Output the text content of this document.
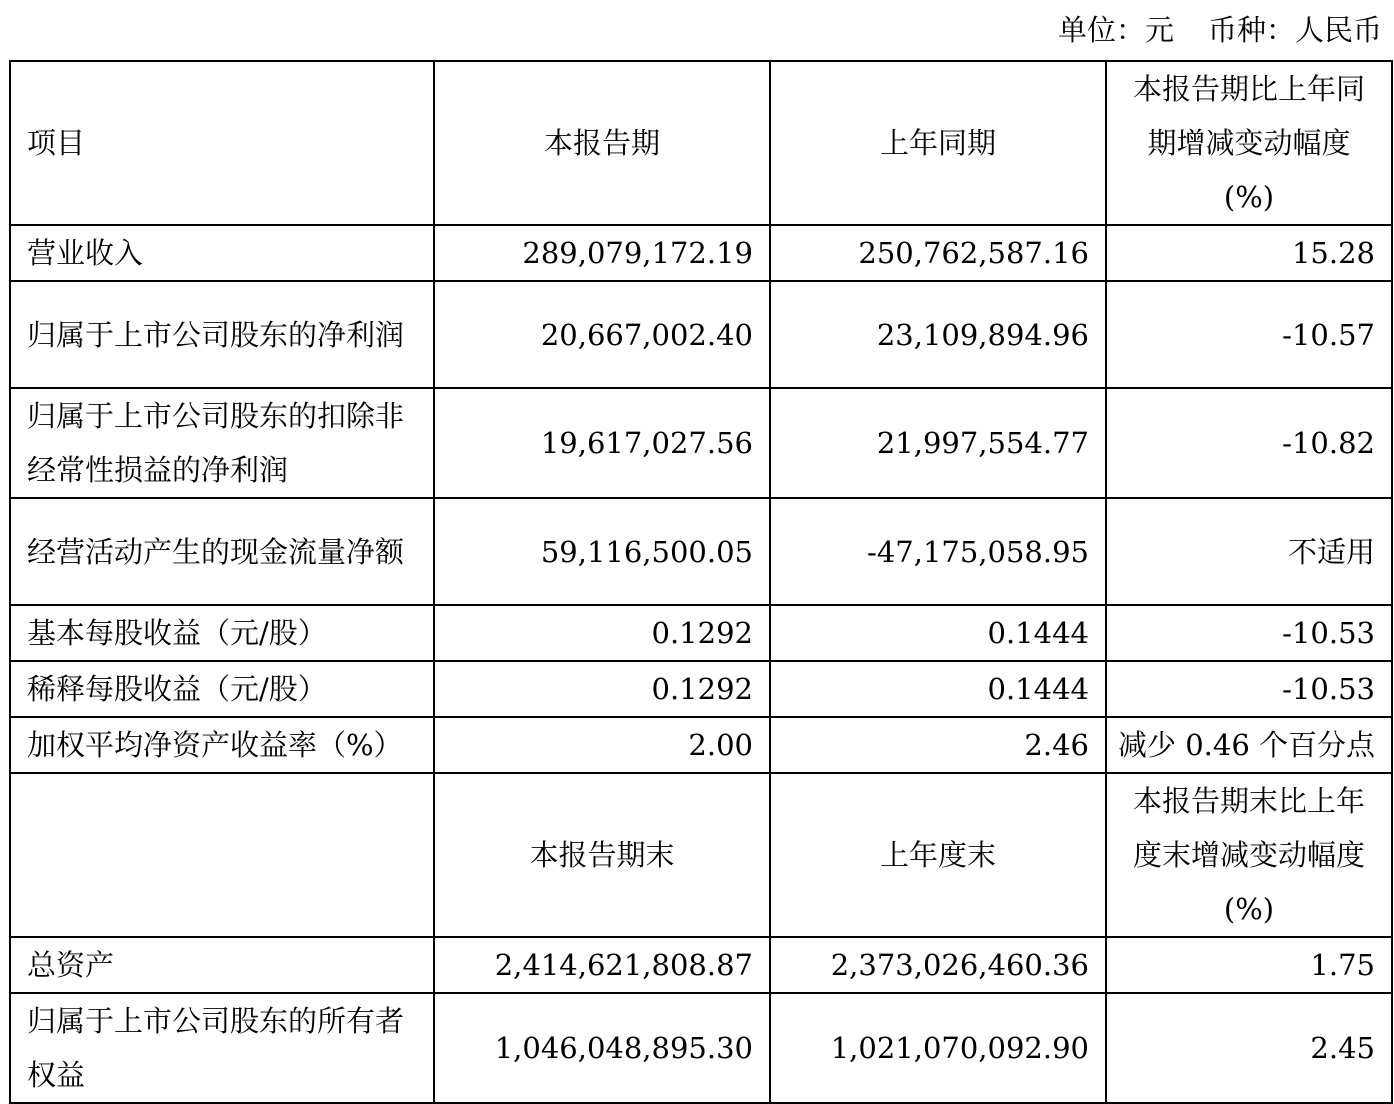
单位：元 币种：人民币
项目	本报告期	上年同期	本报告期比上年同
期增减变动幅度
(%)

营业收入	289,079,172.19	250,762,587.16	15.28
归属于上市公司股东的净利润	20,667,002.40	23,109,894.96	-10.57
归属于上市公司股东的扣除非经常性损益的净利润	19,617,027.56	21,997,554.77	-10.82
经营活动产生的现金流量净额	59,116,500.05	-47,175,058.95	不适用
基本每股收益（元/股）	0.1292	0.1444	-10.53
稀释每股收益（元/股）	0.1292	0.1444	-10.53
加权平均净资产收益率（%）	2.00	2.46	减少 0.46 个百分点
	本报告期末	上年度末	本报告期末比上年
度末增减变动幅度
(%)

总资产	2,414,621,808.87	2,373,026,460.36	1.75
归属于上市公司股东的所有者权益	1,046,048,895.30	1,021,070,092.90	2.45
